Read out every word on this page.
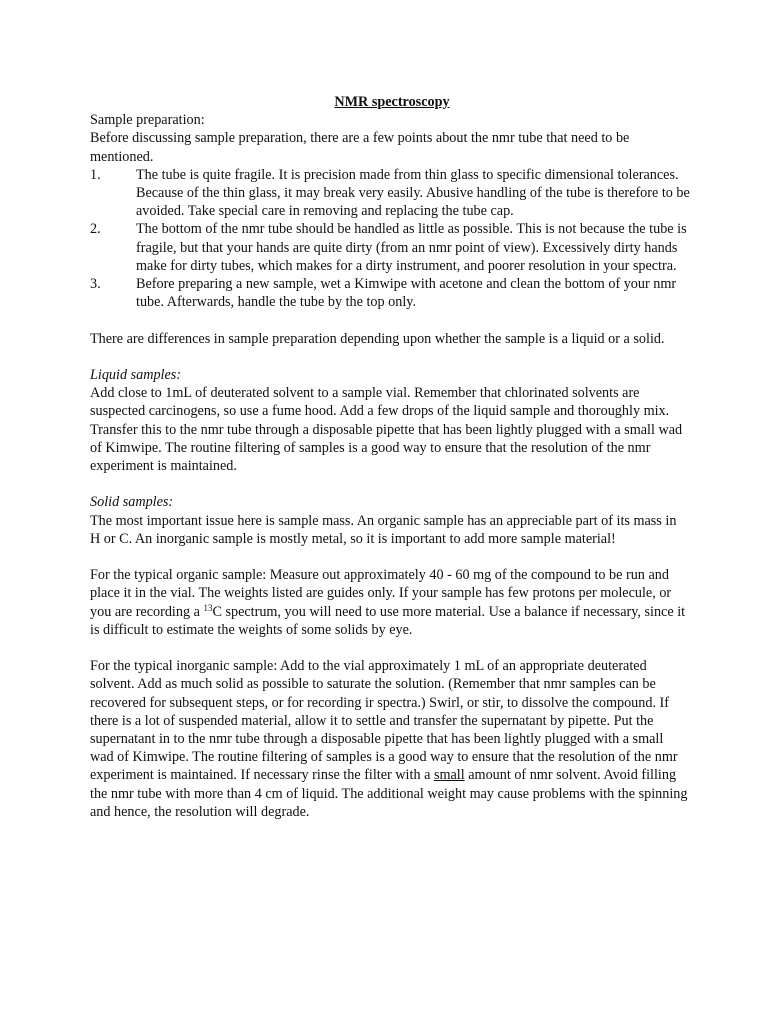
NMR spectroscopy

Sample preparation:

Before discussing sample preparation, there are a few points about the nmr tube that need to be mentioned.

1. The tube is quite fragile. It is precision made from thin glass to specific dimensional tolerances. Because of the thin glass, it may break very easily. Abusive handling of the tube is therefore to be avoided. Take special care in removing and replacing the tube cap.
2. The bottom of the nmr tube should be handled as little as possible. This is not because the tube is fragile, but that your hands are quite dirty (from an nmr point of view). Excessively dirty hands make for dirty tubes, which makes for a dirty instrument, and poorer resolution in your spectra.
3. Before preparing a new sample, wet a Kimwipe with acetone and clean the bottom of your nmr tube. Afterwards, handle the tube by the top only.

There are differences in sample preparation depending upon whether the sample is a liquid or a solid.

Liquid samples:

Add close to 1mL of deuterated solvent to a sample vial. Remember that chlorinated solvents are suspected carcinogens, so use a fume hood. Add a few drops of the liquid sample and thoroughly mix. Transfer this to the nmr tube through a disposable pipette that has been lightly plugged with a small wad of Kimwipe. The routine filtering of samples is a good way to ensure that the resolution of the nmr experiment is maintained.

Solid samples:

The most important issue here is sample mass. An organic sample has an appreciable part of its mass in H or C. An inorganic sample is mostly metal, so it is important to add more sample material!

For the typical organic sample: Measure out approximately 40 - 60 mg of the compound to be run and place it in the vial. The weights listed are guides only. If your sample has few protons per molecule, or you are recording a $^{13}$C spectrum, you will need to use more material. Use a balance if necessary, since it is difficult to estimate the weights of some solids by eye.

For the typical inorganic sample: Add to the vial approximately 1 mL of an appropriate deuterated solvent. Add as much solid as possible to saturate the solution. (Remember that nmr samples can be recovered for subsequent steps, or for recording ir spectra.) Swirl, or stir, to dissolve the compound. If there is a lot of suspended material, allow it to settle and transfer the supernatant by pipette. Put the supernatant in to the nmr tube through a disposable pipette that has been lightly plugged with a small wad of Kimwipe. The routine filtering of samples is a good way to ensure that the resolution of the nmr experiment is maintained. If necessary rinse the filter with a small amount of nmr solvent. Avoid filling the nmr tube with more than 4 cm of liquid. The additional weight may cause problems with the spinning and hence, the resolution will degrade.
